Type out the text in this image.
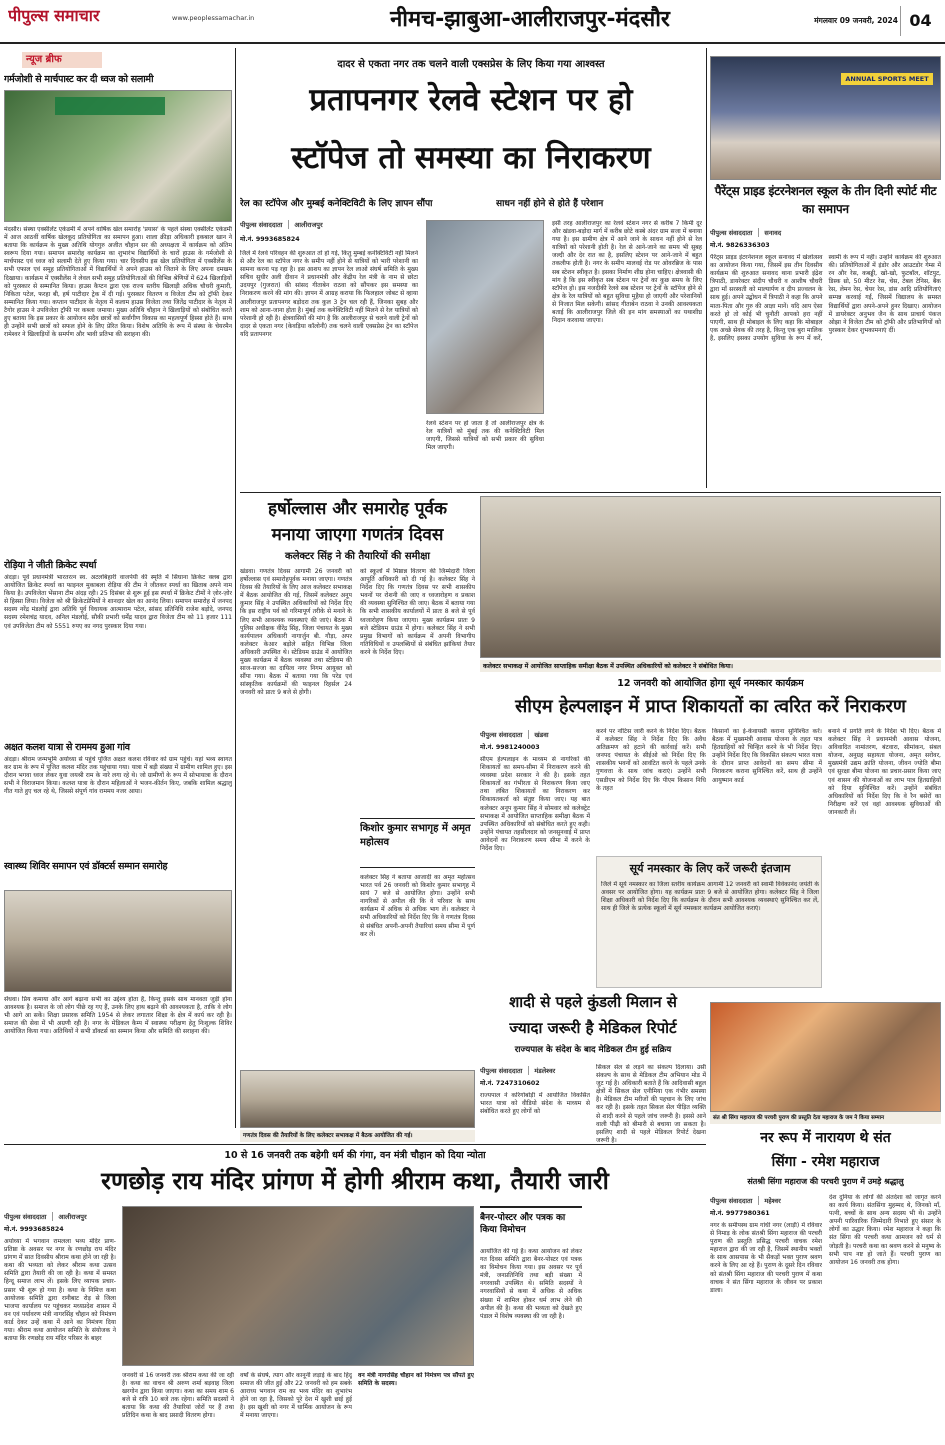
पीपुल्स समाचार	www.peoplessamachar.in	नीमच-झाबुआ-आलीराजपुर-मंदसौर	मंगलवार 09 जनवरी, 2024 04
न्यूज ब्रीफ
गर्मजोशी से मार्चपास्ट कर दी ध्वज को सलामी
मंदसौर। संस्था एक्सीलेंट एकेडमी में अपने वार्षिक खेल समारोह 'प्रयास' के पहले संस्था एक्सीलेंट एकेडमी में आज आठवीं वार्षिक खेलकूद प्रतियोगिता का समापन हुआ। शाला क्रीड़ा अधिकारी इकबाल खान ने बताया कि कार्यक्रम के मुख्य अतिथि योगगुरु अजीत चौहान सर की अध्यक्षता में कार्यक्रम को अंतिम स्वरूप दिया गया। समापन समारोह कार्यक्रम का शुभारंभ विद्यार्थियों के चारों हाउस के गर्मजोशी से मार्चपास्ट एवं ध्वज को सलामी देते हुए किया गया। चार दिवसीय इस खेल प्रतियोगिता में एक्सीलेंस के सभी एफाल एवं समूह प्रतियोगिताओं में विद्यार्थियों ने अपने हाउस को जिताने के लिए अपना दमखम दिखाया। कार्यक्रम में एक्सीलेंस ने लेवल सभी समूह प्रतियोगिताओं की विभिन्न श्रेणियों में 624 खिलाड़ियों को पुरस्कार से सम्मानित किया। हाउस कैप्टन द्वारा एक राज्य स्तरीय खिलाड़ी अधिक चौधरी कुमारी, निकिता पटेल, फरहा बी, हर्ष पाटीदार ट्रेक में दी गई। पुरस्कार वितरण व विजेता टीम को ट्रॉफी देकर सम्मानित किया गया। कप्तान पाटीदार के नेतृत्व में कलाम हाउस विजेता तथा जितेंद्र पाटीदार के नेतृत्व में टैगोर हाउस ने उपविजेता ट्रॉफी पर कब्जा जमाया। मुख्य अतिथि चौहान ने खिलाड़ियों को संबोधित करते हुए बताया कि इस प्रकार के आयोजन सदैव छात्रों को सर्वांगीण विकास का महत्वपूर्ण हिस्सा होते हैं। साथ ही उन्होंने सभी छात्रों को सफल होने के लिए प्रेरित किया। विशेष अतिथि के रूप में संस्था के चेयरमैन रामेश्वर ने खिलाड़ियों के समर्पण और भावी प्रतिभा की सराहना की।
रोड़िया ने जीती क्रिकेट स्पर्धा
अंदड़ा। पूर्व प्रधानमंत्री भारतरत्न स्व. अटलबिहारी वाजपेयी की स्मृति में सिंघाना क्रिकेट क्लब द्वारा आयोजित क्रिकेट स्पर्धा का फाइनल मुकाबला रोड़िया की टीम ने जीतकर स्पर्धा का खिताब अपने नाम किया है। उपविजेता भेंसाना टीम अंदड़ रही। 25 दिसंबर से शुरू हुई इस स्पर्धा में क्रिकेट टीमों ने ज़ोर-ज़ोर से हिस्सा लिया। विजेता को श्री क्रिकेटप्रेमियों ने शानदार खेल का आनंद लिया। समापन समारोह में जनपद सदस्य नरेंद्र मंडलोई द्वारा अतिथि पूर्व विधायक आत्माराम पटेल, सांसद प्रतिनिधि राजेश बड़ोदे, जनपद सदस्य रमेशचंद्र यादव, अनिल मंडलोई, सौकी प्रभारी धर्मेंद्र यादव द्वारा विजेता टीम को 11 हजार 111 एवं उपविजेता टीम को 5551 रुपए का नगद पुरस्कार दिया गया।
अक्षत कलश यात्रा से राममय हुआ गांव
अंदड़ा। श्रीराम जन्मभूमि अयोध्या से पहुंचे पूजित अक्षत कलश रविवार को ग्राम पहुंचे। यहां भव्य स्वागत कर ग्राम के रूप में पूजित कलश मंदिर तक पहुंचाया गया। यात्रा में बड़ी संख्या में ग्रामीण शामिल हुए। इस दौरान भगवा ध्वज लेकर युवा जयश्री राम के नारे लगा रहे थे। जो ग्रामीणों के रूप में सोभायात्रा के दौरान सभी ने विराजमान किया। कलश यात्रा के दौरान महिलाओं ने भजन-कीर्तन किए, जबकि शामिल श्रद्धालु गीत गाते हुए चल रहे थे, जिससे संपूर्ण गांव राममय नजर आया।
स्वास्थ्य शिविर समापन एवं डॉक्टर्स सम्मान समारोह
सेंधवा। प्रिय कमाया और आगे बढ़ाना सभी का उद्देश्य होता है, किन्तु इसके साथ मानवता जुड़ी होना आवश्यक है। समाज के जो लोग पीछे रह गए हैं, उनके लिए हाथ बढ़ाने की आवश्यकता है, ताकि वे लोग भी आगे आ सकें। शिक्षा प्रसारक समिति 1954 से लेकर लगातार शिक्षा के क्षेत्र में कार्य कर रही है। समाज की सेवा में भी अग्रणी रही है। नगर के मेडिकल कैम्प में स्वास्थ्य परीक्षण हेतु निःशुल्क शिविर आयोजित किया गया। अतिथियों ने सभी डॉक्टर्स का सम्मान किया और समिति की सराहना की।
दादर से एकता नगर तक चलने वाली एक्सप्रेस के लिए किया गया आश्वस्त
प्रतापनगर रेलवे स्टेशन पर हो
स्टॉपेज तो समस्या का निराकरण
रेल का स्टॉपेज और मुम्बई कनेक्टिविटी के लिए ज्ञापन सौंपा	साधन नहीं होने से होते हैं परेशान
पीपुल्स संवाददाता	आलीराजपुर
मो.नं. 9993685824
जिले में रेलवे परिवहन की शुरुआत तो हो गई, किंतु मुम्बई कनेक्टिविटी नहीं मिलने से और रेल का स्टॉपेज नगर के समीप नहीं होने से यात्रियों को भारी परेशानी का सामना करना पड़ रहा है। इस आशय का ज्ञापन रेल लाओ संघर्ष समिति के मुख्य सचिव सुधीर अली दीवान ने प्रधानमंत्री और केंद्रीय रेल मंत्री के नाम से छोटा उदयपुर (गुजरात) की सांसद गीताबेन राठवा को सौंपकर इस समस्या का निराकरण करने की मांग की। ज्ञापन में आग्रह कराया कि फिलहाल जोबट से व्हाया आलीराजपुर प्रतापनगर बड़ोदरा तक कुल 3 ट्रेन चल रही हैं, जिनका सुबह और शाम को आना-जाना होता है। मुंबई तक कनेक्टिविटी नहीं मिलने से रेल यात्रियों को परेशानी हो रही है। क्षेत्रवासियों की मांग है कि आलीराजपुर से चलने वाली ट्रेनों को दादर से एकता नगर (केवड़िया कॉलोनी) तक चलने वाली एक्सप्रेस ट्रेन का स्टॉपेज यदि प्रतापनगर
रेलवे स्टेशन पर हो जाता है तो आलीराजपुर क्षेत्र के रेल यात्रियों को मुंबई तक की कनेक्टिविटी मिल जाएगी, जिससे यात्रियों को सभी प्रकार की सुविधा मिल जाएगी।
इसी तरह आलीराजपुर का रेलवे स्टेशन नगर से करीब 7 किमी दूर और खंडवा-बड़ोदा मार्ग में करीब छोटे कस्बे अंदर ग्राम सजा में बनाया गया है। इस ग्रामीण क्षेत्र में आने जाने के साधन नहीं होने से रेल यात्रियों को परेशानी होती है। रेल से आने-जाने का समय भी सुबह जल्दी और देर रात का है, इसलिए स्टेशन पर आने-जाने में बहुत तकलीफ होती है। नगर के समीप मालवई रोड पर ओवरब्रिज के पास सब स्टेशन स्वीकृत है। इसका निर्माण शीघ्र होना चाहिए। क्षेत्रवासी की मांग है कि इस स्वीकृत सब स्टेशन पर ट्रेनों का कुछ समय के लिए स्टॉपेज हो। इस नजदीकी रेलवे सब स्टेशन पर ट्रेनों के स्टॉपेज होने से क्षेत्र के रेल यात्रियों को बहुत सुविधा मुहैया हो जाएगी और परेशानियों से निजात मिल सकेगी। सांसद गीताबेन राठवा ने उनकी आवश्यकता बताई कि आलीराजपुर जिले की इन मांग समस्याओं का यथाशीघ्र निदान करवाया जाएगा।
ANNUAL SPORTS MEET
पैरेंट्स प्राइड इंटरनेशनल स्कूल के तीन दिनी स्पोर्ट मीट का समापन
पीपुल्स संवाददाता	सनावद
मो.नं. 9826336303
पैरेंट्स प्राइड इंटरनेशनल स्कूल सनावद में खेलोत्सव का आयोजन किया गया, जिसमें इस तीन दिवसीय कार्यक्रम की शुरुआत सनावद थाना प्रभारी इंद्रेश त्रिपाठी, डायरेक्टर संदीप चौधरी व आशीष चौधरी द्वारा माँ सरस्वती को माल्यार्पण व दीप प्रज्वलन के साथ हुई। अपने उद्बोधन में त्रिपाठी ने कहा कि अपने माता-पिता और गुरु की आज्ञा मानें। यदि आप ऐसा करते हो तो कोई भी चुनौती आपको हरा नहीं पाएगी, साथ ही मोबाइल के लिए कहा कि मोबाइल एक अच्छे सेवक की तरह है, किन्तु एक बुरा मालिक है, इसलिए इसका उपयोग सुविधा के रूप में करें, स्वामी के रूप में नहीं। उन्होंने कार्यक्रम की शुरुआत की। प्रतियोगिताओं में इंडोर और आउटडोर गेम्स में रन और रेस, कबड्डी, खो-खो, फुटबॉल, शॉटपुट, डिस्क थ्रो, 50 मीटर रेस, चेस, टेबल टेनिस, बैक रेस, लेमन रेस, चेयर रेस, डांस आदि प्रतियोगिताएं सम्पन्न करवाई गईं, जिसमें विद्यालय के समस्त विद्यार्थियों द्वारा अपने-अपने हुनर दिखाए। आयोजन में डायरेक्टर अनुभव जैन के साथ प्राचार्य पंकज ओझा ने विजेता टीम को ट्रॉफी और प्रतिभागियों को पुरस्कार देकर शुभकामनाएं दीं।
हर्षोल्लास और समारोह पूर्वक
मनाया जाएगा गणतंत्र दिवस
कलेक्टर सिंह ने की तैयारियों की समीक्षा
खंडवा। गणतंत्र दिवस आगामी 26 जनवरी को हर्षोल्लास एवं समारोहपूर्वक मनाया जाएगा। गणतंत्र दिवस की तैयारियों के लिए आज कलेक्टर सभाकक्ष में बैठक आयोजित की गई, जिसमें कलेक्टर अनूप कुमार सिंह ने उपस्थित अधिकारियों को निर्देश दिए कि इस राष्ट्रीय पर्व को गरिमापूर्ण तरीके से मनाने के लिए सभी आवश्यक व्यवस्थाएं की जाएं। बैठक में पुलिस अधीक्षक वीरेंद्र सिंह, जिला पंचायत के मुख्य कार्यपालन अधिकारी नागार्जुन बी. गौड़ा, अपर कलेक्टर केआर बड़ोले सहित विभिन्न जिला अधिकारी उपस्थित थे। स्टेडियम ग्राउंड में आयोजित मुख्य कार्यक्रम में बैठक व्यवस्था तथा स्टेडियम की साज-सज्जा का दायित्व नगर निगम आयुक्त को सौंपा गया। बैठक में बताया गया कि परेड एवं सांस्कृतिक कार्यक्रमों की फाइनल रिहर्सल 24 जनवरी को प्रातः 9 बजे से होगी।
को स्कूलों में मिष्ठान्न वितरण की जिम्मेदारी जिला आपूर्ति अधिकारी को दी गई है। कलेक्टर सिंह ने निर्देश दिए कि गणतंत्र दिवस पर सभी शासकीय भवनों पर रोशनी की जाए व ध्वजारोहण व प्रकाश की व्यवस्था सुनिश्चित की जाए। बैठक में बताया गया कि सभी शासकीय कार्यालयों में प्रातः 8 बजे से पूर्व ध्वजारोहण किया जाएगा। मुख्य कार्यक्रम प्रातः 9 बजे स्टेडियम ग्राउंड में होगा। कलेक्टर सिंह ने सभी प्रमुख विभागों को कार्यक्रम में अपनी विभागीय गतिविधियों व उपलब्धियों से संबंधित झांकियां तैयार करने के निर्देश दिए।
किशोर कुमार सभागृह में अमृत महोत्सव
कलेक्टर सिंह ने बताया आजादी का अमृत महोत्सव भारत पर्व 26 जनवरी को किशोर कुमार सभागृह में सायं 7 बजे से आयोजित होगा। उन्होंने सभी नागरिकों से अपील की कि वे परिवार के साथ कार्यक्रम में अधिक से अधिक भाग लें। कलेक्टर ने सभी अधिकारियों को निर्देश दिए कि वे गणतंत्र दिवस से संबंधित अपनी-अपनी तैयारियां समय सीमा में पूर्ण कर लें।
गणतंत्र दिवस की तैयारियों के लिए कलेक्टर सभाकक्ष में बैठक आयोजित की गई।
कलेक्टर सभाकक्ष में आयोजित साप्ताहिक समीक्षा बैठक में उपस्थित अधिकारियों को कलेक्टर ने संबोधित किया।
12 जनवरी को आयोजित होगा सूर्य नमस्कार कार्यक्रम
सीएम हेल्पलाइन में प्राप्त शिकायतों का त्वरित करें निराकरण
पीपुल्स संवाददाता	खंडवा
मो.नं. 9981240003
सीएम हेल्पलाइन के माध्यम से नागरिकों की शिकायतों का समय-सीमा में निराकरण करने की व्यवस्था प्रदेश सरकार ने की है। इसके तहत शिकायतों का गंभीरता से निराकरण किया जाए तथा लंबित शिकायतों का निराकरण कर शिकायतकर्ता को संतुष्ट किया जाए। यह बात कलेक्टर अनूप कुमार सिंह ने सोमवार को कलेक्ट्रेट सभाकक्ष में आयोजित साप्ताहिक समीक्षा बैठक में उपस्थित अधिकारियों को संबोधित करते हुए कही। उन्होंने पंचायत तहसीलदार को जनसुनवाई में प्राप्त आवेदनों का निराकरण समय सीमा में करने के निर्देश दिए।
करने पर नोटिस जारी करने के निर्देश दिए। बैठक में कलेक्टर सिंह ने निर्देश दिए कि अवैध अतिक्रमण को हटाने की कार्रवाई करें। सभी जनपद पंचायत के सीईओ को निर्देश दिए कि शासकीय भवनों को आवंटित करने के पहले उनके गुणवत्ता के साथ जांच कराएं। उन्होंने सभी एसडीएम को निर्देश दिए कि पीएम किसान निधि के तहत
किसानों का ई-केवायसी कराना सुनिश्चित करें। बैठक में मुख्यमंत्री आवास योजना के तहत पात्र हितग्राहियों को चिन्हित करने के भी निर्देश दिए। उन्होंने निर्देश दिए कि विकसित संकल्प भारत यात्रा के दौरान प्राप्त आवेदनों का समय सीमा में निराकरण कराना सुनिश्चित करें, साथ ही उन्होंने आयुष्मान कार्ड
बनाने में प्रगति लाने के निर्देश भी दिए। बैठक में कलेक्टर सिंह ने प्रधानमंत्री आवास योजना, अविवादित नामांतरण, बंटवारा, सीमांकन, संबल योजना, अनुग्रह सहायता योजना, अमृत सरोवर, मुख्यमंत्री उद्यम क्रांति योजना, जीवन ज्योति बीमा एवं सुरक्षा बीमा योजना का प्रचार-प्रसार किया जाए एवं शासन की योजनाओं का लाभ पात्र हितग्राहियों को दिया सुनिश्चित करें। उन्होंने संबंधित अधिकारियों को निर्देश दिए कि वे रैन बसेरों का निरीक्षण करें एवं वहां आवश्यक सुविधाओं की जानकारी लें।
सूर्य नमस्कार के लिए करें जरूरी इंतजाम
जिले में सूर्य नमस्कार का जिला स्तरीय कार्यक्रम आगामी 12 जनवरी को स्वामी विवेकानंद जयंती के अवसर पर आयोजित होगा। यह कार्यक्रम प्रातः 9 बजे से आयोजित होगा। कलेक्टर सिंह ने जिला शिक्षा अधिकारी को निर्देश दिए कि कार्यक्रम के दौरान सभी आवश्यक व्यवस्थाएं सुनिश्चित कर लें, साथ ही जिले के प्रत्येक स्कूलों में सूर्य नमस्कार कार्यक्रम आयोजित कराएं।
शादी से पहले कुंडली मिलान से
ज्यादा जरूरी है मेडिकल रिपोर्ट
राज्यपाल के संदेश के बाद मेडिकल टीम हुई सक्रिय
पीपुल्स संवाददाता	मंडलेश्वर
मो.नं. 7247310602
राज्यपाल ने करिगोबोड़ी में आयोजित विकसित भारत यात्रा को वीडियो संदेश के माध्यम से संबोधित करते हुए लोगों को
सिकल सेल से लड़ने का संकल्प दिलाया। उसी संकल्प के साथ से मेडिकल टीम अभियान मोड में जुट गई है। अधिकारी बताते हैं कि आदिवासी बहुल क्षेत्रों में सिकल सेल एनीमिया एक गंभीर समस्या है। मेडिकल टीम मरीजों की पहचान के लिए जांच कर रही है। इसके तहत सिकल सेल पीड़ित व्यक्ति से शादी करने से पहले जांच जरूरी है। इससे आने वाली पीढ़ी को बीमारी से बचाया जा सकता है। इसलिए शादी से पहले मेडिकल रिपोर्ट देखना जरूरी है।
संत श्री सिंगा महाराज की परचरी पुराण की प्रस्तुति देता महाराज के जम ने किया सम्मान
नर रूप में नारायण थे संत
सिंगा - रमेश महाराज
संतश्री सिंगा महाराज की परचरी पुराण में उमड़े श्रद्धालु
पीपुल्स संवाददाता	महेश्वर
मो.नं. 9977980361
नगर के समीपस्थ ग्राम गांधी नगर (लाड़ी) में रविवार से निमाड़ के लोक संतश्री सिंगा महाराज की परचरी पुराण की प्रस्तुति प्रसिद्ध परचरी वाचक रमेश महाराज द्वारा की जा रही है, जिसमें स्थानीय भक्तों के साथ आसपास के भी सैकड़ों भक्त पुराण श्रवण करने के लिए आ रहे हैं। पुराण के दूसरे दिन रविवार को संतश्री सिंगा महाराज की परचरी पुराण में कथा वाचक ने संत सिंगा महाराज के जीवन पर प्रकाश डाला।
देश दुनिया के लोगों की अंतर्दशा को जागृत करने का कार्य किया। संतसिंगा मुहम्मद थे, जिनको माँ, पत्नी, बच्चों के साथ अन्य सदस्य भी थे। उन्होंने अपनी पारिवारिक जिम्मेदारी निभाते हुए संसार के लोगों का उद्धार किया। रमेश महाराज ने कहा कि संत सिंगा की परचरी कथा आमजन को धर्म से जोड़ती है। परचरी कथा का श्रवण करने से मनुष्य के सभी पाप नष्ट हो जाते हैं। परचरी पुराण का आयोजन 16 जनवरी तक होगा।
10 से 16 जनवरी तक बहेगी धर्म की गंगा, वन मंत्री चौहान को दिया न्योता
रणछोड़ राय मंदिर प्रांगण में होगी श्रीराम कथा, तैयारी जारी
पीपुल्स संवाददाता	आलीराजपुर
मो.नं. 9993685824
अयोध्या में भगवान रामलला भव्य मंदिर प्राण-प्रतिष्ठा के अवसर पर नगर के रणछोड़ राय मंदिर प्रांगण में सात दिवसीय श्रीराम कथा होने जा रही है। कथा की भव्यता को लेकर श्रीराम कथा उत्सव समिति द्वारा तैयारी की जा रही है। कथा में समस्त हिन्दू समाज लाभ लें। इसके लिए व्यापक प्रचार-प्रसार भी शुरू हो गया है। कथा के निमित्त कथा आयोजक समिति द्वारा रानीबाट रोड़ से जिला भाजपा कार्यालय पर पहुंचकर मध्यप्रदेश शासन में वन एवं पर्यावरण मंत्री नागरसिंह चौहान को निमंत्रण कार्ड देकर उन्हें कथा में आने का निमंत्रण दिया गया। श्रीराम कथा आयोजन समिति के संयोजक ने बताया कि रणछोड़ राय मंदिर परिसर के बाहर
जनवरी से 16 जनवरी तक श्रीराम कथा की जा रही है। कथा का वाचन श्री अरुण शर्मा बड़वाह जिला खरगोन द्वारा किया जाएगा। कथा का समय शाम 6 बजे से रात्रि 10 बजे तक रहेगा। समिति सदस्यों ने बताया कि कथा की तैयारियां जोरों पर हैं तथा प्रतिदिन कथा के बाद प्रसादी वितरण होगा।
वर्षों के संघर्ष, त्याग और कानूनी लड़ाई के बाद हिंदू समाज की जीत हुई और 22 जनवरी को हम सबके आराध्य भगवान राम का भव्य मंदिर का शुभारंभ होने जा रहा है, जिसको पूरे देश में खुशी छाई हुई है। इस खुशी को नगर में धार्मिक आयोजन के रूप में मनाया जाएगा।
बैनर-पोस्टर और पत्रक का किया विमोचन
आयोजित की गई है। कथा आयोजन को लेकर गत दिवस समिति द्वारा बैनर-पोस्टर एवं पत्रक का विमोचन किया गया। इस अवसर पर पूर्व मंत्री, जनप्रतिनिधि तथा बड़ी संख्या में नगरवासी उपस्थित थे। समिति सदस्यों ने नगरवासियों से कथा में अधिक से अधिक संख्या में शामिल होकर धर्म लाभ लेने की अपील की है। कथा की भव्यता को देखते हुए पंडाल में विशेष व्यवस्था की जा रही है।
वन मंत्री नागरसिंह चौहान को निमंत्रण पत्र सौंपते हुए समिति के सदस्य।
